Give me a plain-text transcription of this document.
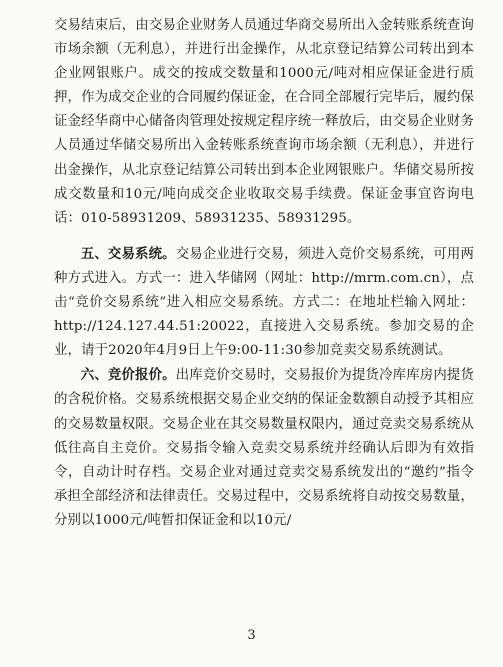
交易结束后，由交易企业财务人员通过华商交易所出入金转账系统查询市场余额（无利息），并进行出金操作，从北京登记结算公司转出到本企业网银账户。成交的按成交数量和1000元/吨对相应保证金进行质押，作为成交企业的合同履约保证金，在合同全部履行完毕后，履约保证金经华商中心储备肉管理处按规定程序统一释放后，由交易企业财务人员通过华储交易所出入金转账系统查询市场余额（无利息），并进行出金操作，从北京登记结算公司转出到本企业网银账户。华储交易所按成交数量和10元/吨向成交企业收取交易手续费。保证金事宜咨询电话：010-58931209、58931235、58931295。

五、交易系统。交易企业进行交易，须进入竞价交易系统，可用两种方式进入。方式一：进入华储网（网址：http://mrm.com.cn），点击“竞价交易系统”进入相应交易系统。方式二：在地址栏输入网址：http://124.127.44.51:20022，直接进入交易系统。参加交易的企业，请于2020年4月9日上午9:00-11:30参加竞卖交易系统测试。

六、竞价报价。出库竞价交易时，交易报价为提货冷库库房内提货的含税价格。交易系统根据交易企业交纳的保证金数额自动授予其相应的交易数量权限。交易企业在其交易数量权限内，通过竞卖交易系统从低往高自主竞价。交易指令输入竞卖交易系统并经确认后即为有效指令，自动计时存档。交易企业对通过竞卖交易系统发出的“邀约”指令承担全部经济和法律责任。交易过程中，交易系统将自动按交易数量，分别以1000元/吨暂扣保证金和以10元/

3
